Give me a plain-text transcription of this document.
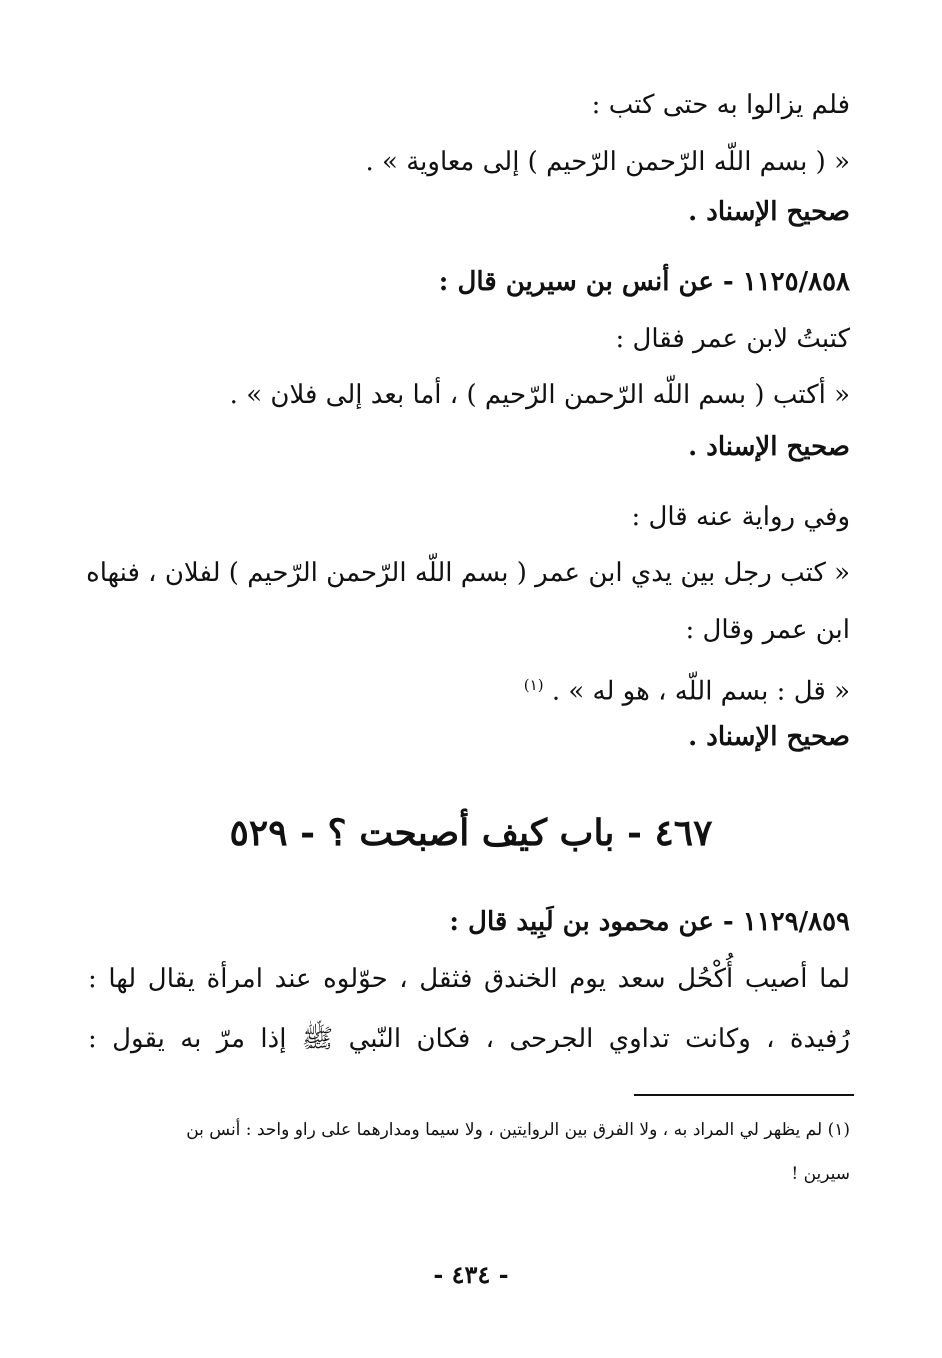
فلم يزالوا به حتى كتب :
« ( بسم اللّه الرّحمن الرّحيم ) إلى معاوية » .
صحيح الإسناد .
١١٢٥/٨٥٨ - عن أنس بن سيرين قال :
كتبتُ لابن عمر فقال :
« أكتب ( بسم اللّه الرّحمن الرّحيم ) ، أما بعد إلى فلان » .
صحيح الإسناد .
وفي رواية عنه قال :
« كتب رجل بين يدي ابن عمر ( بسم اللّه الرّحمن الرّحيم ) لفلان ، فنهاه
ابن عمر وقال :
« قل : بسم اللّه ، هو له » . $^{(١)}$
صحيح الإسناد .
٤٦٧ - باب كيف أصبحت ؟ - ٥٢٩
١١٢٩/٨٥٩ - عن محمود بن لَبِيد قال :
لما أصيب أُكْحُل سعد يوم الخندق فثقل ، حوّلوه عند امرأة يقال لها :
رُفيدة ، وكانت تداوي الجرحى ، فكان النّبي ﷺ إذا مرّ به يقول :
(١) لم يظهر لي المراد به ، ولا الفرق بين الروايتين ، ولا سيما ومدارهما على راو واحد : أنس بن
سيرين !
- ٤٣٤ -
